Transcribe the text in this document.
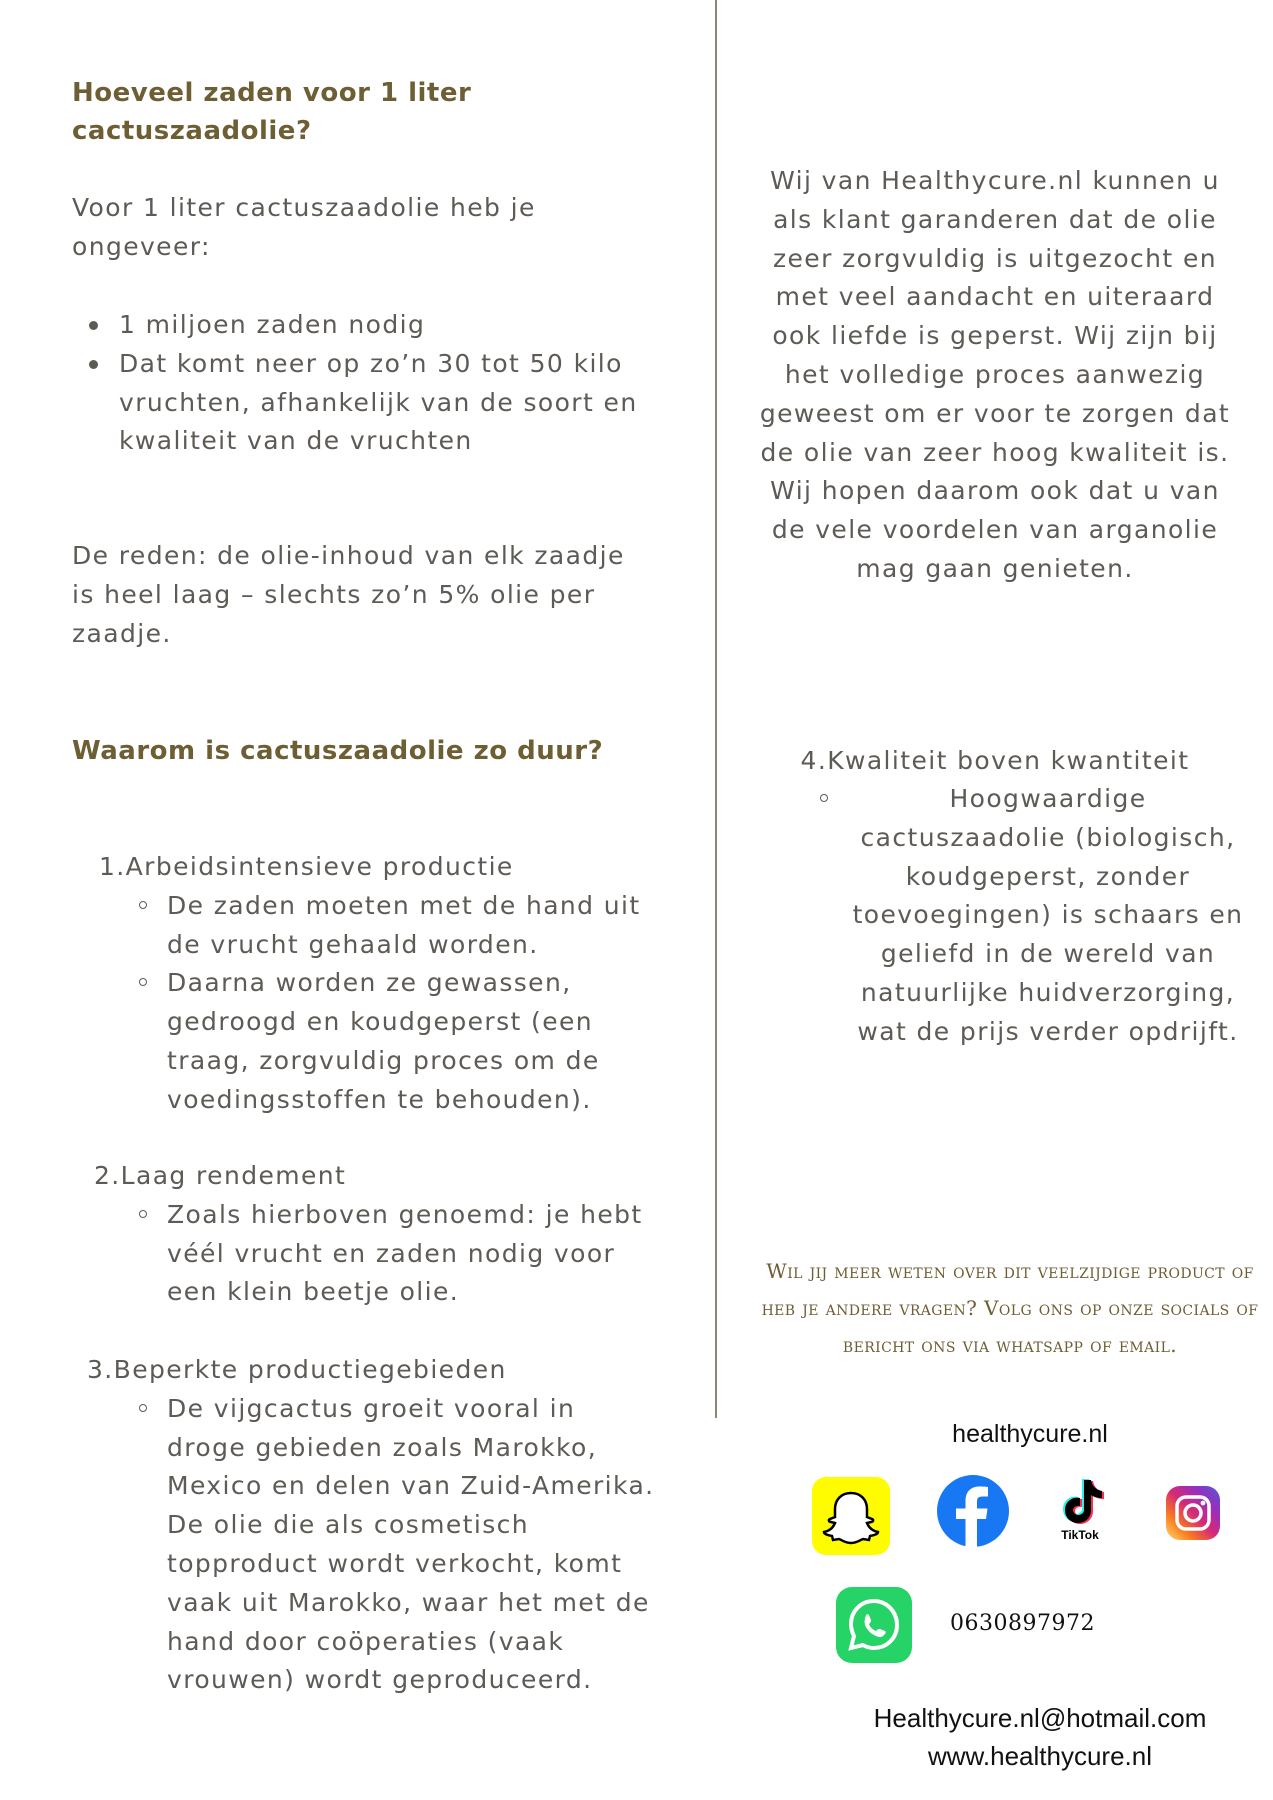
Hoeveel zaden voor 1 liter cactuszaadolie?
Voor 1 liter cactuszaadolie heb je ongeveer:
1 miljoen zaden nodig
Dat komt neer op zo’n 30 tot 50 kilo vruchten, afhankelijk van de soort en kwaliteit van de vruchten
De reden: de olie-inhoud van elk zaadje is heel laag – slechts zo’n 5% olie per zaadje.
Waarom is cactuszaadolie zo duur?
1.Arbeidsintensieve productie
De zaden moeten met de hand uit de vrucht gehaald worden.
Daarna worden ze gewassen, gedroogd en koudgeperst (een traag, zorgvuldig proces om de voedingsstoffen te behouden).
2.Laag rendement
Zoals hierboven genoemd: je hebt véél vrucht en zaden nodig voor een klein beetje olie.
3.Beperkte productiegebieden
De vijgcactus groeit vooral in droge gebieden zoals Marokko, Mexico en delen van Zuid-Amerika. De olie die als cosmetisch topproduct wordt verkocht, komt vaak uit Marokko, waar het met de hand door coöperaties (vaak vrouwen) wordt geproduceerd.
Wij van Healthycure.nl kunnen u als klant garanderen dat de olie zeer zorgvuldig is uitgezocht en met veel aandacht en uiteraard ook liefde is geperst. Wij zijn bij het volledige proces aanwezig geweest om er voor te zorgen dat de olie van zeer hoog kwaliteit is. Wij hopen daarom ook dat u van de vele voordelen van arganolie mag gaan genieten.
4.Kwaliteit boven kwantiteit
Hoogwaardige cactuszaadolie (biologisch, koudgeperst, zonder toevoegingen) is schaars en geliefd in de wereld van natuurlijke huidverzorging, wat de prijs verder opdrijft.
Wil jij meer weten over dit veelzijdige product of heb je andere vragen? Volg ons op onze socials of bericht ons via whatsapp of email.
healthycure.nl
TikTok
0630897972
Healthycure.nl@hotmail.com
www.healthycure.nl
